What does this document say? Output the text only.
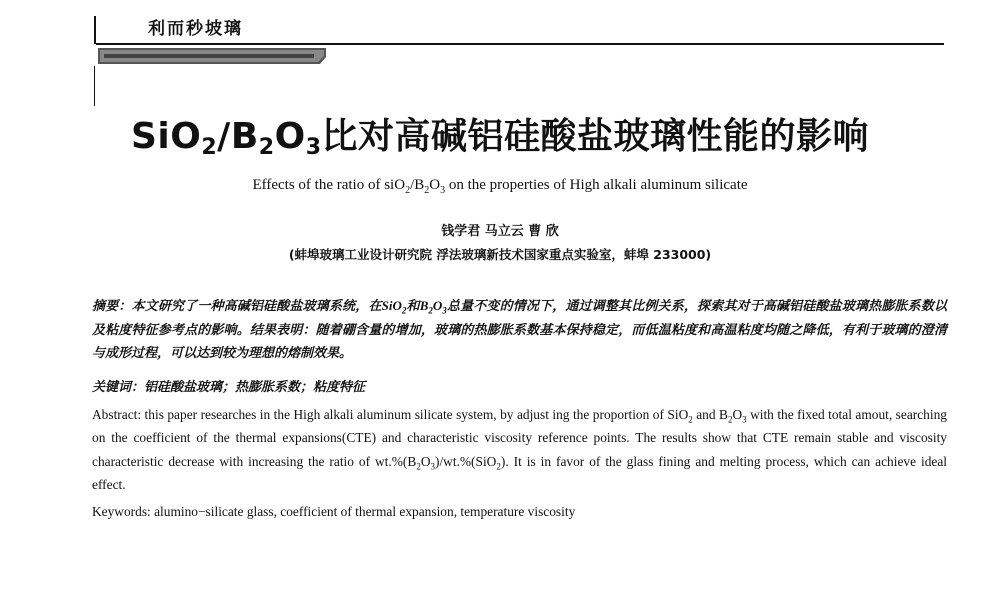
利而秒坡璃
$SiO_2/B_2O_3$比对高碱铝硅酸盐玻璃性能的影响
Effects of the ratio of $siO_2/B_2O_3$ on the properties of High alkali aluminum silicate
钱学君 马立云 曹 欣
(蚌埠玻璃工业设计研究院 浮法玻璃新技术国家重点实验室，蚌埠 233000)
摘要：本文研究了一种高碱铝硅酸盐玻璃系统，在SiO$_2$和$B_2O_3$总量不变的情况下，通过调整其比例关系，探索其对于高碱铝硅酸盐玻璃热膨胀系数以及粘度特征参考点的影响。结果表明：随着硼含量的增加，玻璃的热膨胀系数基本保持稳定，而低温粘度和高温粘度均随之降低，有利于玻璃的澄清与成形过程，可以达到较为理想的熔制效果。
关键词：铝硅酸盐玻璃；热膨胀系数；粘度特征
Abstract: this paper researches in the High alkali aluminum silicate system, by adjust ing the proportion of SiO$_2$ and $B_2O_3$ with the fixed total amout, searching on the coefficient of the thermal expansions(CTE) and characteristic viscosity reference points. The results show that CTE remain stable and viscosity characteristic decrease with increasing the ratio of $wt.\%(B_2O_3)/wt.\%(SiO_2)$. It is in favor of the glass fining and melting process, which can achieve ideal effect.
Keywords: alumino−silicate glass, coefficient of thermal expansion, temperature viscosity
